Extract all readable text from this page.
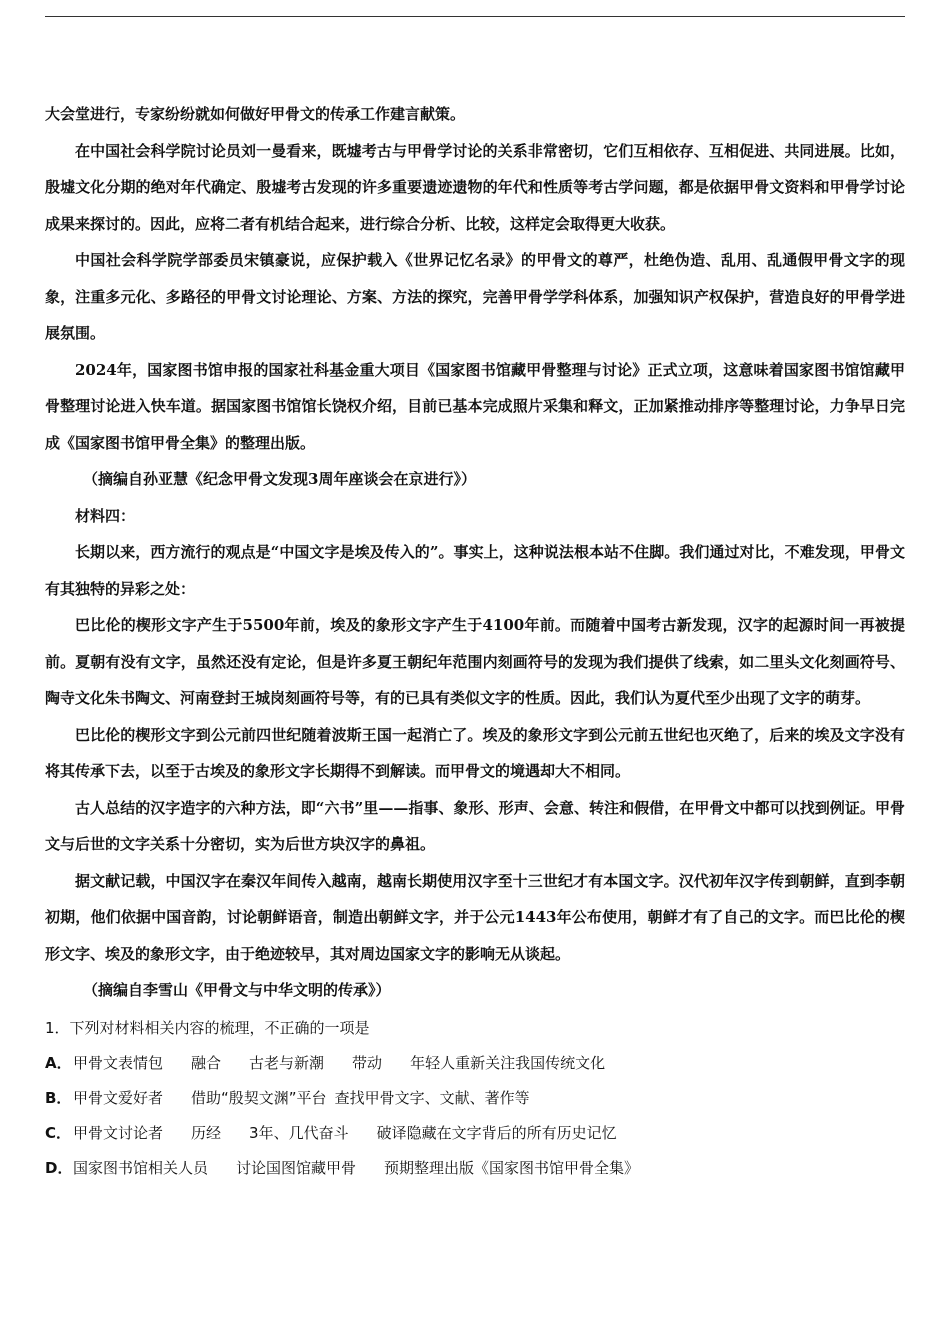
大会堂进行，专家纷纷就如何做好甲骨文的传承工作建言献策。

在中国社会科学院讨论员刘一曼看来，既墟考古与甲骨学讨论的关系非常密切，它们互相依存、互相促进、共同进展。比如，殷墟文化分期的绝对年代确定、殷墟考古发现的许多重要遗迹遗物的年代和性质等考古学问题，都是依据甲骨文资料和甲骨学讨论成果来探讨的。因此，应将二者有机结合起来，进行综合分析、比较，这样定会取得更大收获。

中国社会科学院学部委员宋镇豪说，应保护载入《世界记忆名录》的甲骨文的尊严，杜绝伪造、乱用、乱通假甲骨文字的现象，注重多元化、多路径的甲骨文讨论理论、方案、方法的探究，完善甲骨学学科体系，加强知识产权保护，营造良好的甲骨学进展氛围。

2024年，国家图书馆申报的国家社科基金重大项目《国家图书馆藏甲骨整理与讨论》正式立项，这意味着国家图书馆馆藏甲骨整理讨论进入快车道。据国家图书馆馆长饶权介绍，目前已基本完成照片采集和释文，正加紧推动排序等整理讨论，力争早日完成《国家图书馆甲骨全集》的整理出版。

（摘编自孙亚慧《纪念甲骨文发现3周年座谈会在京进行》）

材料四：

长期以来，西方流行的观点是“中国文字是埃及传入的”。事实上，这种说法根本站不住脚。我们通过对比，不难发现，甲骨文有其独特的异彩之处：

巴比伦的楔形文字产生于5500年前，埃及的象形文字产生于4100年前。而随着中国考古新发现，汉字的起源时间一再被提前。夏朝有没有文字，虽然还没有定论，但是许多夏王朝纪年范围内刻画符号的发现为我们提供了线索，如二里头文化刻画符号、陶寺文化朱书陶文、河南登封王城岗刻画符号等，有的已具有类似文字的性质。因此，我们认为夏代至少出现了文字的萌芽。

巴比伦的楔形文字到公元前四世纪随着波斯王国一起消亡了。埃及的象形文字到公元前五世纪也灭绝了，后来的埃及文字没有将其传承下去，以至于古埃及的象形文字长期得不到解读。而甲骨文的境遇却大不相同。

古人总结的汉字造字的六种方法，即“六书”里——指事、象形、形声、会意、转注和假借，在甲骨文中都可以找到例证。甲骨文与后世的文字关系十分密切，实为后世方块汉字的鼻祖。

据文献记载，中国汉字在秦汉年间传入越南，越南长期使用汉字至十三世纪才有本国文字。汉代初年汉字传到朝鲜，直到李朝初期，他们依据中国音韵，讨论朝鲜语音，制造出朝鲜文字，并于公元1443年公布使用，朝鲜才有了自己的文字。而巴比伦的楔形文字、埃及的象形文字，由于绝迹较早，其对周边国家文字的影响无从谈起。

（摘编自李雪山《甲骨文与中华文明的传承》）

1．下列对材料相关内容的梳理，不正确的一项是

A．甲骨文表情包 融合 古老与新潮 带动 年轻人重新关注我国传统文化

B． 甲骨文爱好者 借助“殷契文渊”平台 查找甲骨文字、文献、著作等

C． 甲骨文讨论者 历经 3年、几代奋斗 破译隐藏在文字背后的所有历史记忆

D．国家图书馆相关人员 讨论国图馆藏甲骨 预期整理出版《国家图书馆甲骨全集》
